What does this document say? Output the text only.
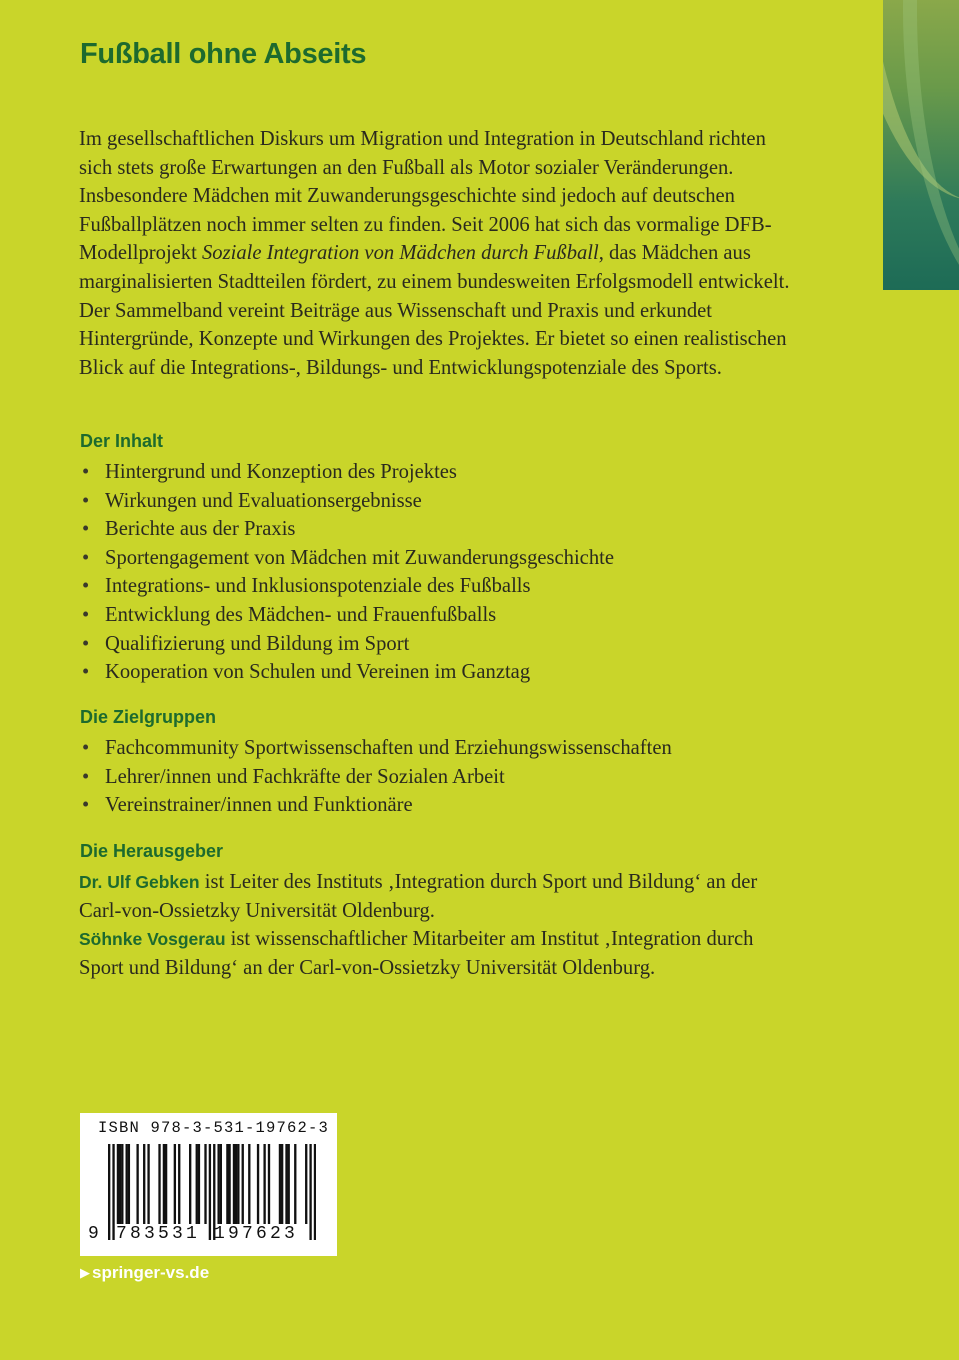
Fußball ohne Abseits

Im gesellschaftlichen Diskurs um Migration und Integration in Deutschland richten sich stets große Erwartungen an den Fußball als Motor sozialer Veränderungen. Insbesondere Mädchen mit Zuwanderungsgeschichte sind jedoch auf deutschen Fußballplätzen noch immer selten zu finden. Seit 2006 hat sich das vormalige DFB-Modellprojekt Soziale Integration von Mädchen durch Fußball, das Mädchen aus marginalisierten Stadtteilen fördert, zu einem bundesweiten Erfolgsmodell entwickelt. Der Sammelband vereint Beiträge aus Wissenschaft und Praxis und erkundet Hintergründe, Konzepte und Wirkungen des Projektes. Er bietet so einen realistischen Blick auf die Integrations-, Bildungs- und Entwicklungspotenziale des Sports.

Der Inhalt
• Hintergrund und Konzeption des Projektes
• Wirkungen und Evaluationsergebnisse
• Berichte aus der Praxis
• Sportengagement von Mädchen mit Zuwanderungsgeschichte
• Integrations- und Inklusionspotenziale des Fußballs
• Entwicklung des Mädchen- und Frauenfußballs
• Qualifizierung und Bildung im Sport
• Kooperation von Schulen und Vereinen im Ganztag
Die Zielgruppen
• Fachcommunity Sportwissenschaften und Erziehungswissenschaften
• Lehrer/innen und Fachkräfte der Sozialen Arbeit
• Vereinstrainer/innen und Funktionäre
Die Herausgeber

Dr. Ulf Gebken ist Leiter des Instituts ‚Integration durch Sport und Bildung‘ an der Carl-von-Ossietzky Universität Oldenburg.

Söhnke Vosgerau ist wissenschaftlicher Mitarbeiter am Institut ‚Integration durch Sport und Bildung‘ an der Carl-von-Ossietzky Universität Oldenburg.

ISBN 978-3-531-19762-3
9 783531 197623
▶ springer-vs.de
